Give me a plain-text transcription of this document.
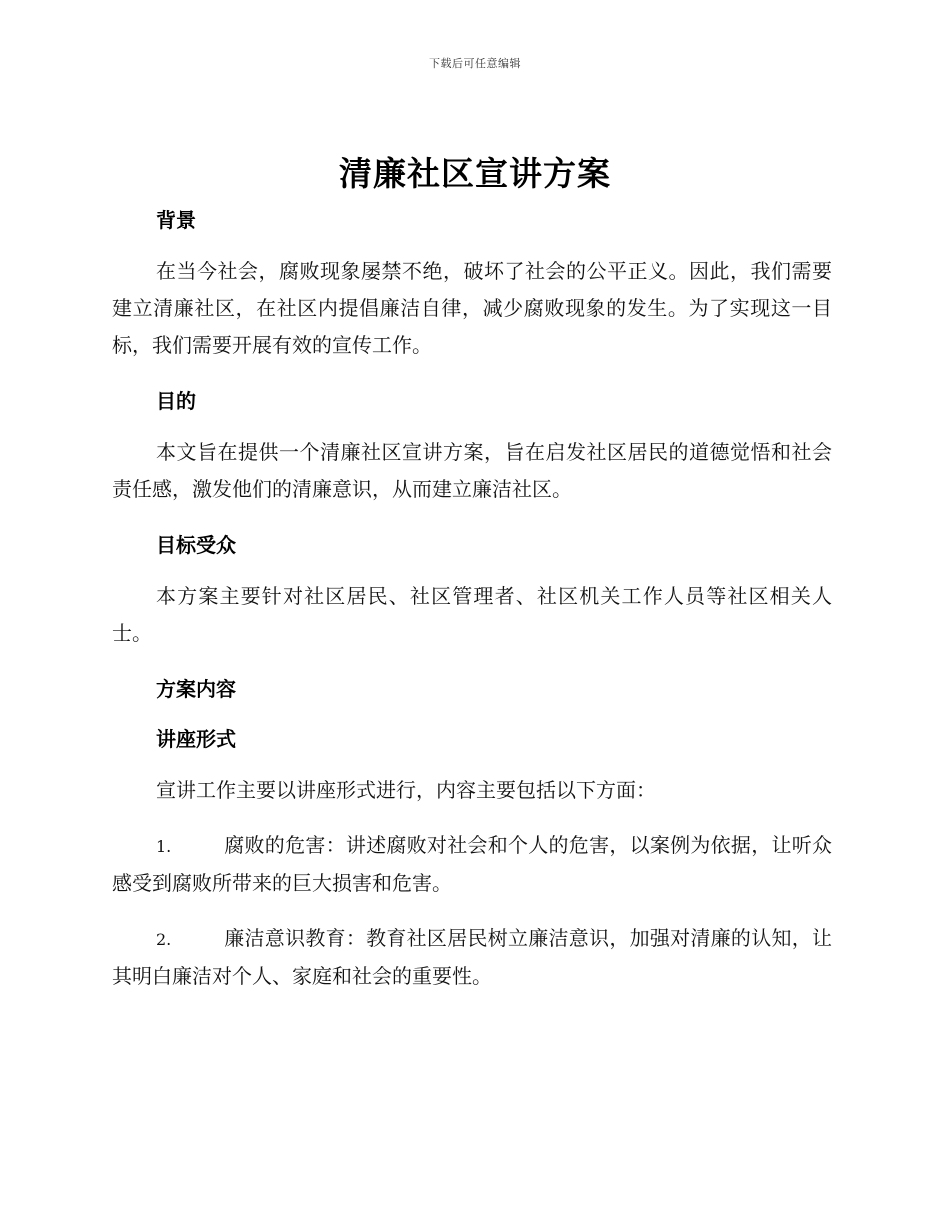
下载后可任意编辑
清廉社区宣讲方案

背景

在当今社会，腐败现象屡禁不绝，破坏了社会的公平正义。因此，我们需要建立清廉社区，在社区内提倡廉洁自律，减少腐败现象的发生。为了实现这一目标，我们需要开展有效的宣传工作。

目的

本文旨在提供一个清廉社区宣讲方案，旨在启发社区居民的道德觉悟和社会责任感，激发他们的清廉意识，从而建立廉洁社区。

目标受众

本方案主要针对社区居民、社区管理者、社区机关工作人员等社区相关人士。

方案内容

讲座形式

宣讲工作主要以讲座形式进行，内容主要包括以下方面：

1.	腐败的危害：讲述腐败对社会和个人的危害，以案例为依据，让听众感受到腐败所带来的巨大损害和危害。

2.	廉洁意识教育：教育社区居民树立廉洁意识，加强对清廉的认知，让其明白廉洁对个人、家庭和社会的重要性。
